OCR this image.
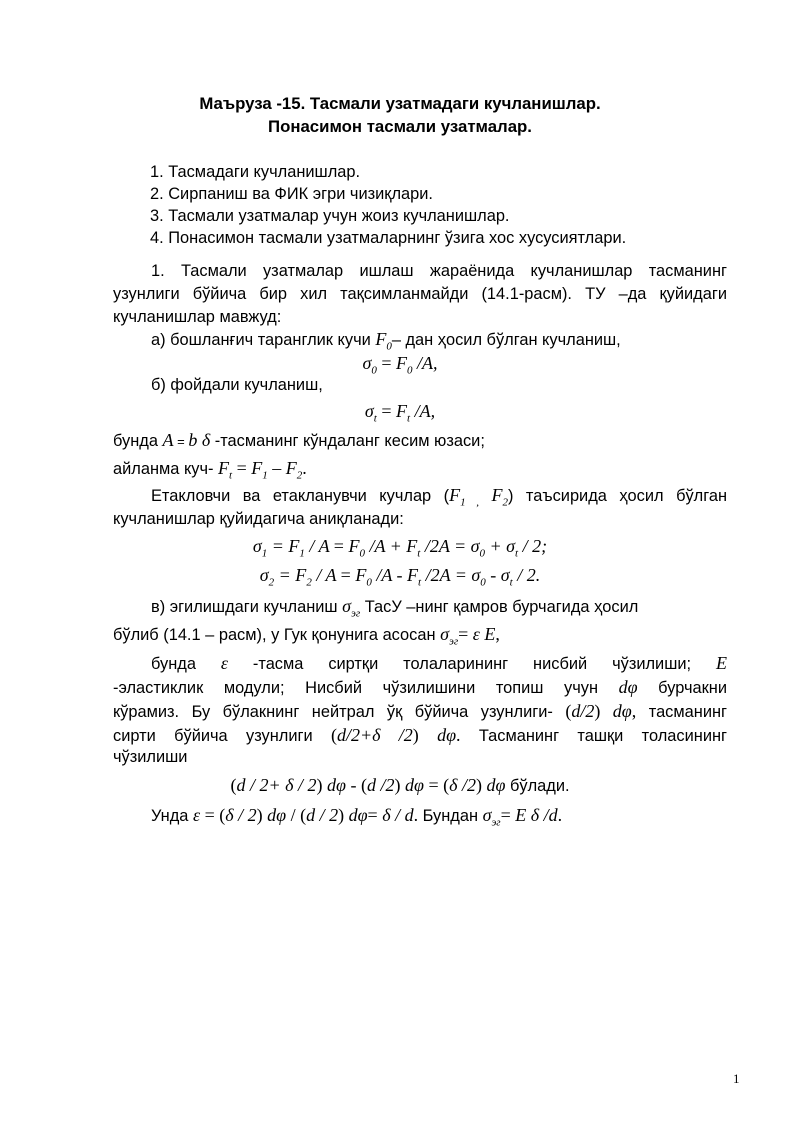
Маъруза -15. Тасмали узатмадаги кучланишлар.
Понасимон тасмали узатмалар.
1. Тасмадаги кучланишлар.
2. Сирпаниш ва ФИК эгри чизиқлари.
3. Тасмали узатмалар учун жоиз кучланишлар.
4. Понасимон тасмали узатмаларнинг ўзига хос хусусиятлари.
1. Тасмали узатмалар ишлаш жараёнида кучланишлар тасманинг
узунлиги бўйича бир хил тақсимланмайди (14.1-расм). ТУ –да қуйидаги
кучланишлар мавжуд:
а) бошланғич таранглик кучи $F_0-$ дан ҳосил бўлган кучланиш,
$\sigma_0 = F_0$ /A,
б) фойдали кучланиш,
$\sigma_t = F_t$ /A,
бунда A = b δ -тасманинг кўндаланг кесим юзаси;
айланма куч- $F_t = F_1 - F_2$.
Етакловчи ва етакланувчи кучлар ($F_{1 ,}$ $F_2$) таъсирида ҳосил бўлган
кучланишлар қуйидагича аниқланади:
$\sigma_1 = F_1 / A = F_0$ $/A + F_t$ $/2A = \sigma_0 + \sigma_t / 2$;
$\sigma_2 = F_2 / A = F_0$ $/A - F_t$ $/2A = \sigma_0 - \sigma_t / 2$.
в) эгилишдаги кучланиш $\sigma_{эг}$ ТасУ –нинг қамров бурчагида ҳосил
бўлиб (14.1 – расм), у Гук қонунига асосан $\sigma_{эг}= \varepsilon$ E,
бунда ε -тасма сиртқи толаларининг нисбий чўзилиши; E
-эластиклик модули; Нисбий чўзилишини топиш учун dφ бурчакни
кўрамиз. Бу бўлакнинг нейтрал ўқ бўйича узунлиги- (d/2) dφ, тасманинг
сирти бўйича узунлиги (d/2+δ /2) dφ. Тасманинг ташқи толасининг
чўзилиши
(d / 2+ δ / 2) dφ - (d /2) dφ = (δ /2) dφ бўлади.
Унда ε = (δ / 2) dφ / (d / 2) dφ= δ / d. Бундан $\sigma_{эг}= E$ δ /d.
1
